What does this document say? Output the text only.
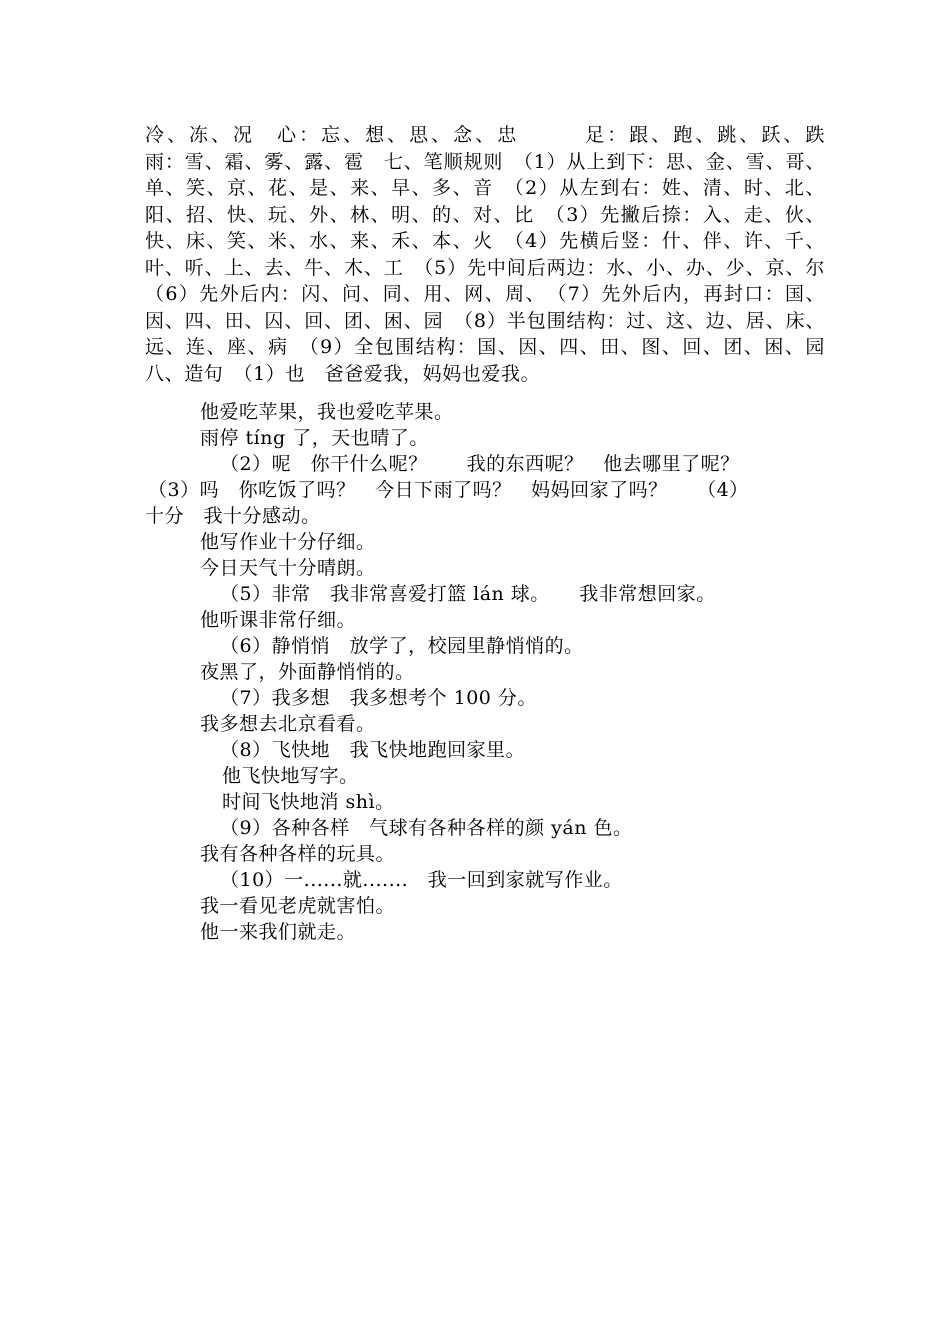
冷、冻、况　心：忘、想、思、念、忠　　　足：跟、跑、跳、跃、跌　　　雨：雪、霜、雾、露、雹　七、笔顺规则　（1）从上到下：思、金、雪、哥、单、笑、京、花、是、来、早、多、音　（2）从左到右：姓、清、时、北、阳、招、快、玩、外、林、明、的、对、比　（3）先撇后捺：入、走、伙、快、床、笑、米、水、来、禾、本、火　（4）先横后竖：什、伴、许、千、叶、听、上、去、牛、木、工　（5）先中间后两边：水、小、办、少、京、尔　（6）先外后内：闪、问、同、用、网、周、　（7）先外后内，再封口：国、因、四、田、囚、回、团、困、园　（8）半包围结构：过、这、边、居、床、远、连、座、病　（9）全包围结构：国、因、四、田、图、回、团、困、园　八、造句　（1）也　爸爸爱我，妈妈也爱我。

他爱吃苹果，我也爱吃苹果。

雨停 tíng 了，天也晴了。

（2）呢　你干什么呢？　　我的东西呢？　他去哪里了呢？

（3）吗　你吃饭了吗？　今日下雨了吗？　妈妈回家了吗？　　（4）

十分　我十分感动。

他写作业十分仔细。

今日天气十分晴朗。

（5）非常　我非常喜爱打篮 lán 球。　　我非常想回家。

他听课非常仔细。

（6）静悄悄　放学了，校园里静悄悄的。

夜黑了，外面静悄悄的。

（7）我多想　我多想考个 100 分。

我多想去北京看看。

（8）飞快地　我飞快地跑回家里。

他飞快地写字。

时间飞快地消 shì。

（9）各种各样　气球有各种各样的颜 yán 色。

我有各种各样的玩具。

（10）一......就.......　我一回到家就写作业。

我一看见老虎就害怕。

他一来我们就走。
